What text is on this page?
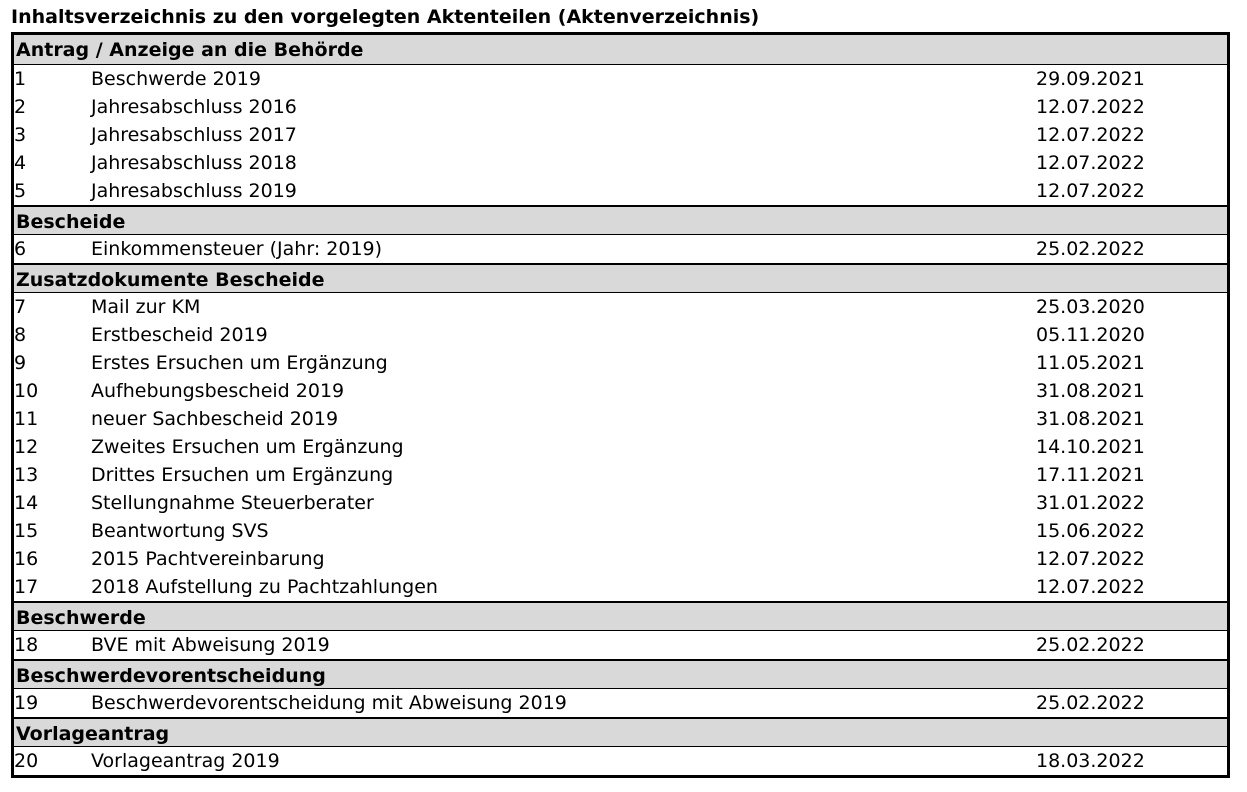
Inhaltsverzeichnis zu den vorgelegten Aktenteilen (Aktenverzeichnis)
Antrag / Anzeige an die Behörde
1	Beschwerde 2019	29.09.2021
2	Jahresabschluss 2016	12.07.2022
3	Jahresabschluss 2017	12.07.2022
4	Jahresabschluss 2018	12.07.2022
5	Jahresabschluss 2019	12.07.2022
Bescheide
6	Einkommensteuer (Jahr: 2019)	25.02.2022
Zusatzdokumente Bescheide
7	Mail zur KM	25.03.2020
8	Erstbescheid 2019	05.11.2020
9	Erstes Ersuchen um Ergänzung	11.05.2021
10	Aufhebungsbescheid 2019	31.08.2021
11	neuer Sachbescheid 2019	31.08.2021
12	Zweites Ersuchen um Ergänzung	14.10.2021
13	Drittes Ersuchen um Ergänzung	17.11.2021
14	Stellungnahme Steuerberater	31.01.2022
15	Beantwortung SVS	15.06.2022
16	2015 Pachtvereinbarung	12.07.2022
17	2018 Aufstellung zu Pachtzahlungen	12.07.2022
Beschwerde
18	BVE mit Abweisung 2019	25.02.2022
Beschwerdevorentscheidung
19	Beschwerdevorentscheidung mit Abweisung 2019	25.02.2022
Vorlageantrag
20	Vorlageantrag 2019	18.03.2022
